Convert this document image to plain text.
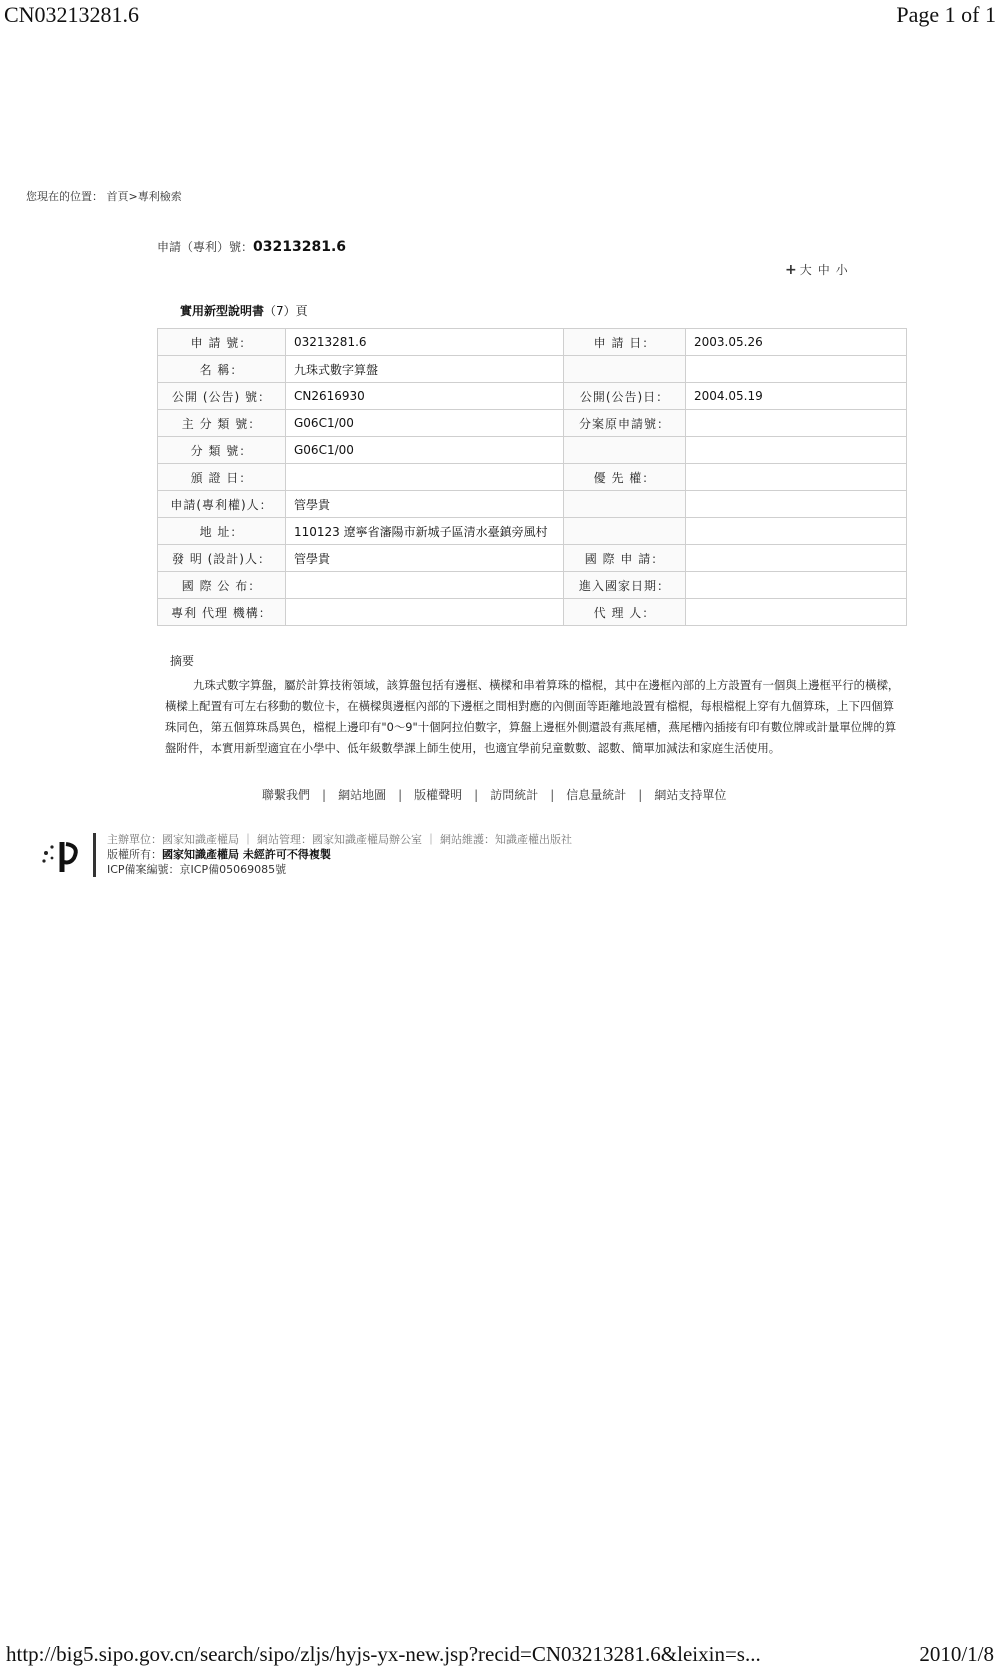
CN03213281.6	Page 1 of 1
您現在的位置： 首頁>專利檢索
申請（專利）號：03213281.6
+ 大 中 小
實用新型說明書（7）頁
申 請 號：	03213281.6	申 請 日：	2003.05.26
名 稱：	九珠式數字算盤		
公開 (公告) 號：	CN2616930	公開(公告)日：	2004.05.19
主 分 類 號：	G06C1/00	分案原申請號：	
分 類 號：	G06C1/00		
頒 證 日：		優 先 權：	
申請(專利權)人：	管學貴		
地 址：	110123 遼寧省瀋陽市新城子區清水臺鎮旁風村		
發 明 (設計)人：	管學貴	國 際 申 請：	
國 際 公 布：		進入國家日期：	
專利 代理 機構：		代 理 人：	
摘要
九珠式數字算盤，屬於計算技術領域，該算盤包括有邊框、橫樑和串着算珠的檔棍，其中在邊框內部的上方設置有一個與上邊框平行的橫樑，橫樑上配置有可左右移動的數位卡，在橫樑與邊框內部的下邊框之間相對應的內側面等距離地設置有檔棍，每根檔棍上穿有九個算珠，上下四個算珠同色，第五個算珠爲異色，檔棍上邊印有"0～9"十個阿拉伯數字，算盤上邊框外側還設有燕尾槽，燕尾槽內插接有印有數位牌或計量單位牌的算盤附件，本實用新型適宜在小學中、低年級數學課上師生使用，也適宜學前兒童數數、認數、簡單加減法和家庭生活使用。
聯繫我們 | 網站地圖 | 版權聲明 | 訪問統計 | 信息量統計 | 網站支持單位
主辦單位：國家知識產權局 ｜ 網站管理：國家知識產權局辦公室 ｜ 網站維護：知識產權出版社
版權所有：國家知識產權局 未經許可不得複製
ICP備案編號：京ICP備05069085號
http://big5.sipo.gov.cn/search/sipo/zljs/hyjs-yx-new.jsp?recid=CN03213281.6&leixin=s...	2010/1/8
